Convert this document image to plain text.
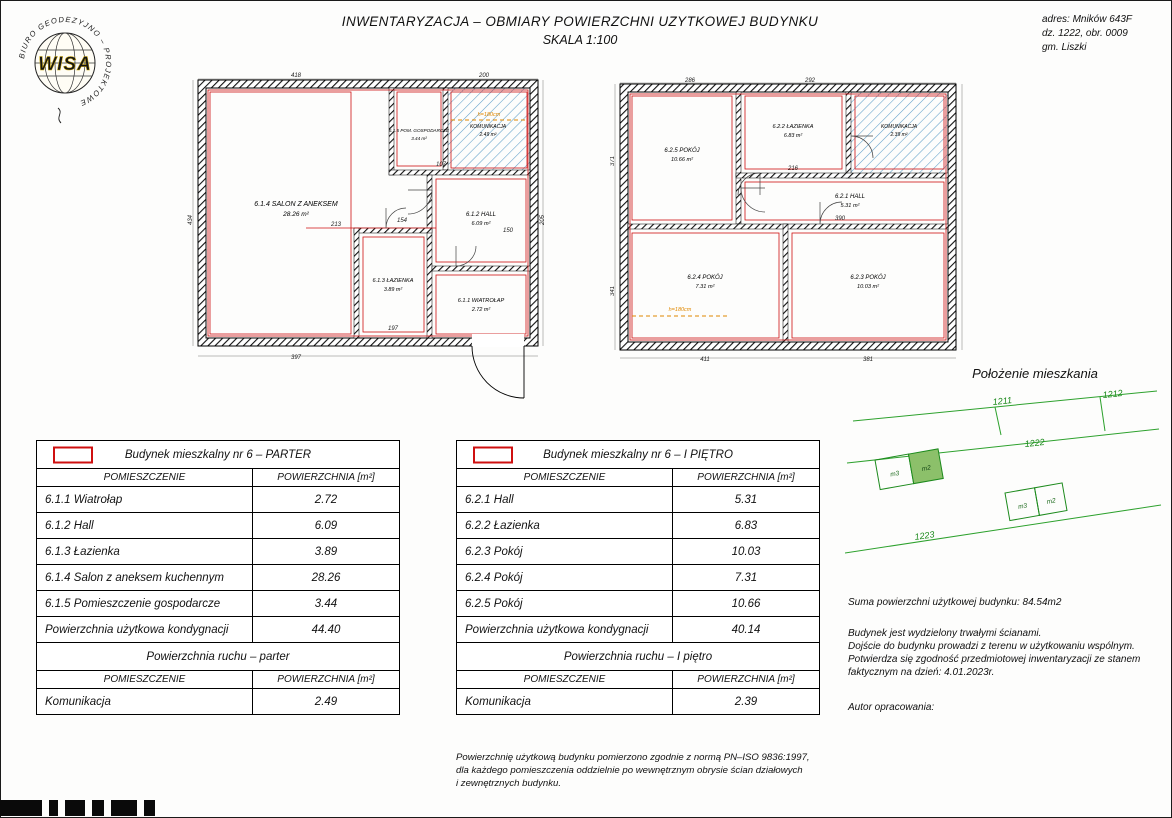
WISA
BIURO GEODEZYJNO – PROJEKTOWE
INWENTARYZACJA – OBMIARY POWIERZCHNI UZYTKOWEJ BUDYNKU
SKALA 1:100
adres: Mników 643F
dz. 1222, obr. 0009
gm. Liszki
h=180cm
6.1.4 SALON Z ANEKSEM
28.26 m²
6.1.5 POM. GOSPODARCZE
3.44 m²
KOMUNIKACJA
2.49 m²
6.1.2 HALL
6.09 m²
6.1.3 ŁAZIENKA
3.89 m²
6.1.1 WIATROŁAP
2.72 m²
418	200
434
397
213
154
197
150
205
107
h=180cm
6.2.5 POKÓJ
10.66 m²
6.2.2 ŁAZIENKA
6.83 m²
KOMUNIKACJA
2.39 m²
6.2.1 HALL
5.31 m²
6.2.4 POKÓJ
7.31 m²
6.2.3 POKÓJ
10.03 m²
286	292
371
411	381
216
390
341
Położenie mieszkania
1211
1212
1222
1223
m3
m2
m3
m2
Budynek mieszkalny nr 6 – PARTER	
POMIESZCZENIE	POWIERZCHNIA [m²]
6.1.1 Wiatrołap	2.72
6.1.2 Hall	6.09
6.1.3 Łazienka	3.89
6.1.4 Salon z aneksem kuchennym	28.26
6.1.5 Pomieszczenie gospodarcze	3.44
Powierzchnia użytkowa kondygnacji	44.40
Powierzchnia ruchu – parter	
POMIESZCZENIE	POWIERZCHNIA [m²]
Komunikacja	2.49
Budynek mieszkalny nr 6 – I PIĘTRO	
POMIESZCZENIE	POWIERZCHNIA [m²]
6.2.1 Hall	5.31
6.2.2 Łazienka	6.83
6.2.3 Pokój	10.03
6.2.4 Pokój	7.31
6.2.5 Pokój	10.66
Powierzchnia użytkowa kondygnacji	40.14
Powierzchnia ruchu – I piętro	
POMIESZCZENIE	POWIERZCHNIA [m²]
Komunikacja	2.39
Suma powierzchni użytkowej budynku: 84.54m2
Budynek jest wydzielony trwałymi ścianami.
Dojście do budynku prowadzi z terenu w użytkowaniu wspólnym.
Potwierdza się zgodność przedmiotowej inwentaryzacji ze stanem
faktycznym na dzień: 4.01.2023r.
Autor opracowania:
Powierzchnię użytkową budynku pomierzono zgodnie z normą PN–ISO 9836:1997,
dla każdego pomieszczenia oddzielnie po wewnętrznym obrysie ścian działowych
i zewnętrznych budynku.
